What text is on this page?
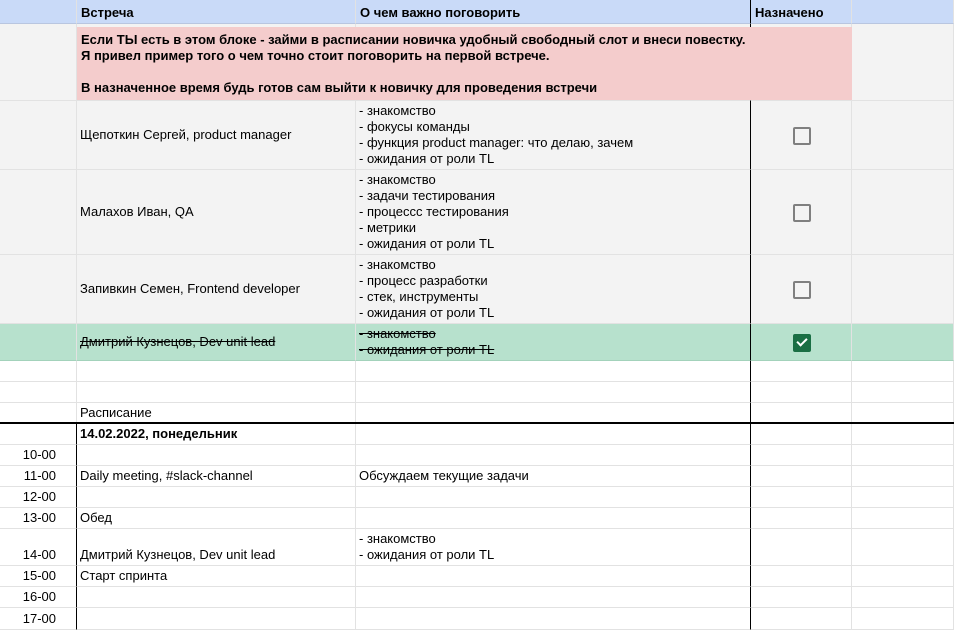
Встреча	О чем важно поговорить	Назначено
Если ТЫ есть в этом блоке - займи в расписании новичка удобный свободный слот и внеси повестку.
Я привел пример того о чем точно стоит поговорить на первой встрече.
В назначенное время будь готов сам выйти к новичку для проведения встречи
Щепоткин Сергей, product manager
- знакомство
- фокусы команды
- функция product manager: что делаю, зачем
- ожидания от роли TL
Малахов Иван, QA
- знакомство
- задачи тестирования
- процессс тестирования
- метрики
- ожидания от роли TL
Запивкин Семен, Frontend developer
- знакомство
- процесс разработки
- стек, инструменты
- ожидания от роли TL
Дмитрий Кузнецов, Dev unit lead
- знакомство
- ожидания от роли TL
Расписание
14.02.2022, понедельник
10-00
11-00 Daily meeting, #slack-channel	Обсуждаем текущие задачи
12-00
13-00 Обед
14-00 Дмитрий Кузнецов, Dev unit lead
- знакомство
- ожидания от роли TL
15-00 Старт спринта
16-00
17-00
